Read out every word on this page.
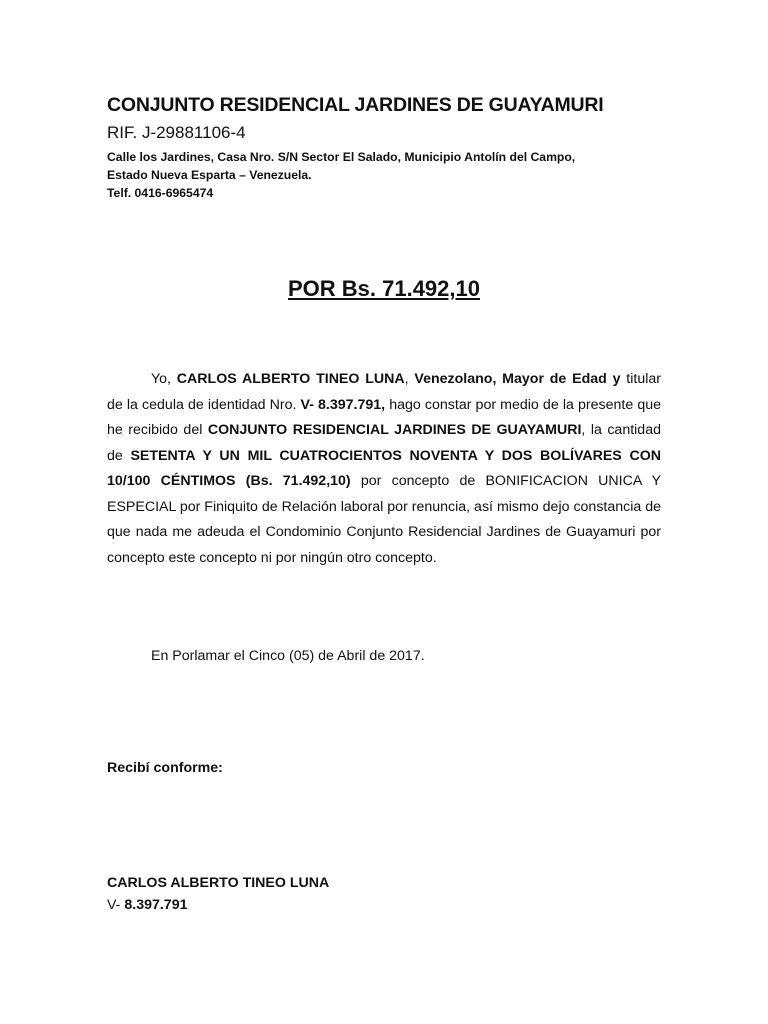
CONJUNTO RESIDENCIAL JARDINES DE GUAYAMURI
RIF. J-29881106-4
Calle los Jardines, Casa Nro. S/N Sector El Salado, Municipio Antolín del Campo,
Estado Nueva Esparta – Venezuela.
Telf. 0416-6965474
POR Bs. 71.492,10
Yo, CARLOS ALBERTO TINEO LUNA, Venezolano, Mayor de Edad y titular de la cedula de identidad Nro. V- 8.397.791, hago constar por medio de la presente que he recibido del CONJUNTO RESIDENCIAL JARDINES DE GUAYAMURI, la cantidad de SETENTA Y UN MIL CUATROCIENTOS NOVENTA Y DOS BOLÍVARES CON 10/100 CÉNTIMOS (Bs. 71.492,10) por concepto de BONIFICACION UNICA Y ESPECIAL por Finiquito de Relación laboral por renuncia, así mismo dejo constancia de que nada me adeuda el Condominio Conjunto Residencial Jardines de Guayamuri por concepto este concepto ni por ningún otro concepto.
En Porlamar el Cinco (05) de Abril de 2017.
Recibí conforme:
CARLOS ALBERTO TINEO LUNA
V- 8.397.791
